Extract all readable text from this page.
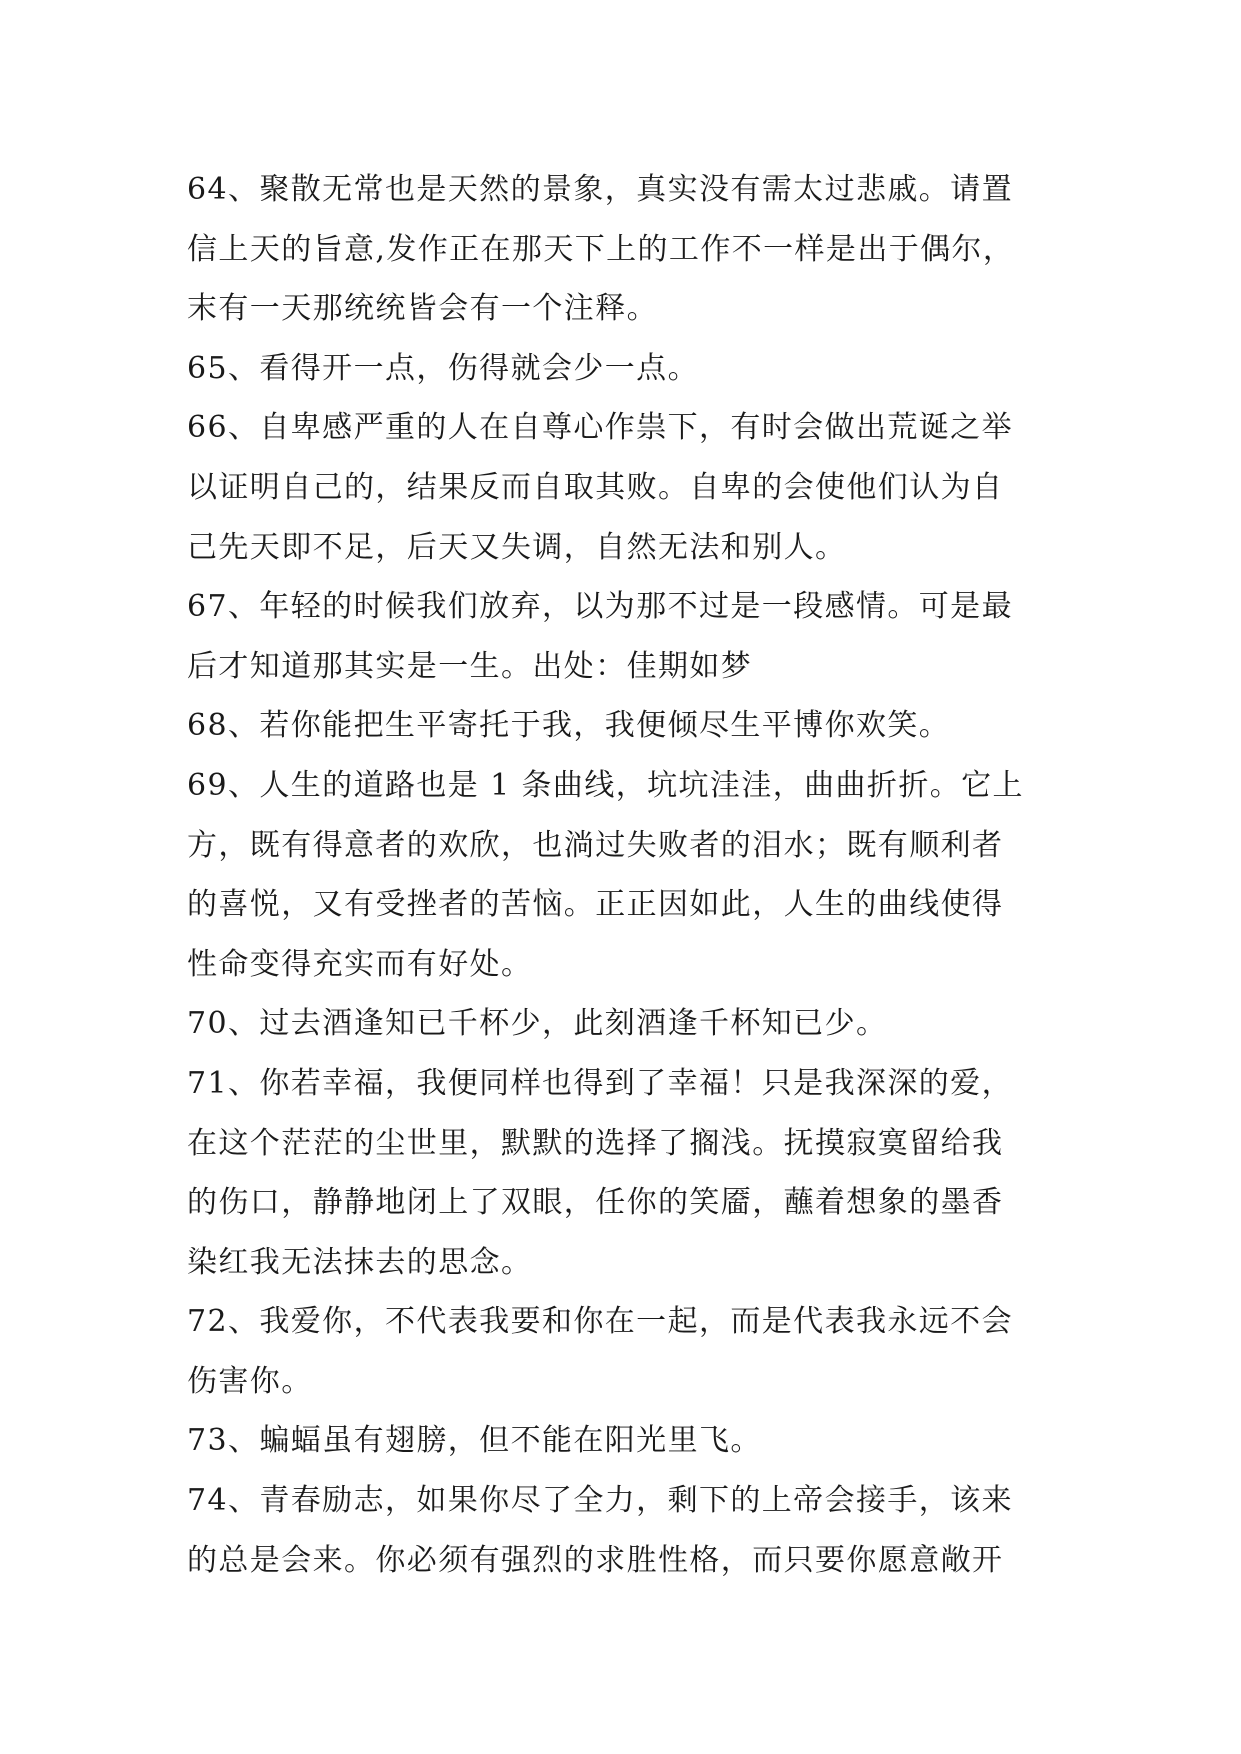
64、聚散无常也是天然的景象，真实没有需太过悲戚。请置
信上天的旨意,发作正在那天下上的工作不一样是出于偶尔，
末有一天那统统皆会有一个注释。
65、看得开一点，伤得就会少一点。
66、自卑感严重的人在自尊心作祟下，有时会做出荒诞之举
以证明自己的，结果反而自取其败。自卑的会使他们认为自
己先天即不足，后天又失调，自然无法和别人。
67、年轻的时候我们放弃，以为那不过是一段感情。可是最
后才知道那其实是一生。出处：佳期如梦
68、若你能把生平寄托于我，我便倾尽生平博你欢笑。
69、人生的道路也是 1 条曲线，坑坑洼洼，曲曲折折。它上
方，既有得意者的欢欣，也淌过失败者的泪水；既有顺利者
的喜悦，又有受挫者的苦恼。正正因如此，人生的曲线使得
性命变得充实而有好处。
70、过去酒逢知已千杯少，此刻酒逢千杯知已少。
71、你若幸福，我便同样也得到了幸福！只是我深深的爱，
在这个茫茫的尘世里，默默的选择了搁浅。抚摸寂寞留给我
的伤口，静静地闭上了双眼，任你的笑靥，蘸着想象的墨香
染红我无法抹去的思念。
72、我爱你，不代表我要和你在一起，而是代表我永远不会
伤害你。
73、蝙蝠虽有翅膀，但不能在阳光里飞。
74、青春励志，如果你尽了全力，剩下的上帝会接手，该来
的总是会来。你必须有强烈的求胜性格，而只要你愿意敞开
